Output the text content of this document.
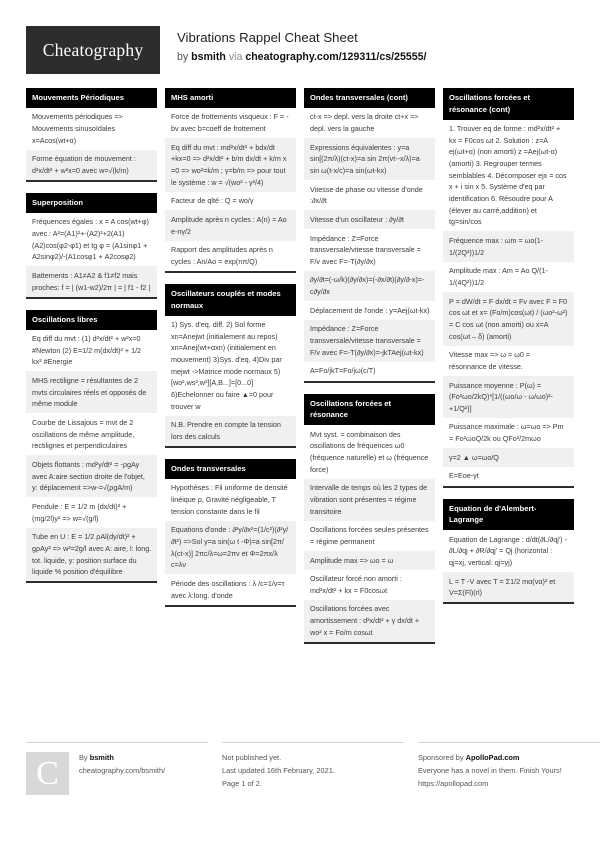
Cheatography
Vibrations Rappel Cheat Sheet
by bsmith via cheatography.com/129311/cs/25555/
Mouvements Périodiques
Mouvements périodiques => Mouvements sinusoïdales x=Acos(wt+α)
Forme équation de mouvement : d²x/dt² + w²x=0 avec w=√(k/m)
Superposition
Fréquences égales : x = A cos(wt+φ) avec : A²=(A1)²+-(A2)²+2(A1)(A2)cos(φ2-φ1) et tg φ = (A1sinφ1 + A2sinφ2)/-(A1cosφ1 + A2cosφ2)
Battements : A1≠A2 & f1≠f2 mais proches: f = | (w1-w2)/2π | = | f1 - f2 |
Oscillations libres
Eq diff du mvt : (1) d²x/dt² + w²x=0 #Newton (2) E=1/2 m(dx/dt)² + 1/2 kx² #Energie
MHS rectiligne = résultantes de 2 mvts circulaires réels et opposés de même module
Courbe de Lissajous = mvt de 2 oscillations de même amplitude, rectilignes et perpendiculaires
Objets flottants : md²y/dt² = -ρgAy avec A:aire section droite de l'objet, y: déplacement =>w-=√(ρgA/m)
Pendule : E = 1/2 m (dx/dt)² + (mg/2l)y² => w=√(g/l)
Tube en U : E = 1/2 ρAl(dy/dt)² + gρAy² => w²=2g/l avec A: aire, l: long. tot. liquide, y: position surface du liquide % position d'équilibre
MHS amorti
Force de frottements visqueux : F = -bv avec b=coeff de frottement
Eq diff du mvt : md²x/dt² + bdx/dt +kx=0 => d²x/dt² + b/m dx/dt + k/m x =0 => wo²=k/m ; γ=b/m => pour tout le système : w = √(wo² - γ²/4)
Facteur de qlté : Q = wo/γ
Amplitude après n cycles : A(n) = Ao e-nγ/2
Rapport des amplitudes après n cycles : An/Ao = exp(nπ/Q)
Oscillateurs couplés et modes normaux
1) Sys. d'eq. diff. 2) Sol forme xn=Anejwt (initialement au repos) xn=Anej(wt+αxn) (initialement en mouvement) 3)Sys. d'eq. 4)Div par mejwt ->Matrice mode normaux 5)[wo²,ws²,w²][A,B...]=[0...0] 6)Echelonner ou faire ▲=0 pour trouver w
N.B. Prendre en compte la tension lors des calculs
Ondes transversales
Hypothèses : Fil uniforme de densité linéique ρ, Gravité négligeable, T tension constante dans le fil
Equations d'onde : ∂²y/∂x²=(1/c²)(∂²y/∂t²) =>Sol y=a sin(ω t -Φ)=a sin[2π/λ(ct-x)] 2πc/λ=ω=2πν et Φ=2πx/λ c=λν
Période des oscillations : λ /c=1/ν=τ avec λ:long. d'onde
Ondes transversales (cont)
ct-x => depl. vers la droite ct+x => depl. vers la gauche
Expressions équivalentes : y=a sin[(2π/λ)(ct-x)=a sin 2π(vt--x/λ)=a sin ω(t-x/c)=a sin(ωt-kx)
Vitesse de phase ou vitesse d'onde :∂x/∂t
Vitesse d'un oscillateur : ∂y/∂t
Impédance : Z=Force transversale/vitesse transversale = F/v avec F=-T(∂y/∂x)
∂y/∂t=(-ω/k)(∂y/∂x)=(-∂x/∂t)(∂y/∂-x)=-c∂y/∂x
Déplacement de l'onde : y=Aej(ωt-kx)
Impédance : Z=Force transversale/vitesse transversale = F/v avec F=-T(∂y/∂x)=-jkTAej(ωt-kx)
A=Fo/jkT=Fo/jω(c/T)
Oscillations forcées et résonance
Mvt syst. = combinaison des oscillations de fréquences ω0 (fréquence naturelle) et ω (fréquence force)
Intervalle de temps où les 2 types de vibration sont présentes = régime transitoire
Oscillations forcées seules présentes = régime permanent
Amplitude max => ωo = ω
Oscillateur forcé non amorti : md²x/dt² + kx = F0cosωt
Oscillations forcées avec amortissement : d²x/dt² + γ dx/dt + wo² x = Fo/m cosωt
Oscillations forcées et résonance (cont)
1. Trouver eq de forme : md²x/dt² + kx = F0cos ωt 2. Solution : z=A ej(ωt+α) (non amorti) z =Aej(ωt-α) (amorti) 3. Regrouper termes semblables 4. Décomposer ejx = cos x + i sin x 5. Système d'eq par identification 6. Résoudre pour A (élever au carré,addition) et tg=sin/cos
Fréquence max : ωm = ωo(1-1/(2Q²))1/2
Amplitude max : Am = Ao Q/(1-1/(4Q²))1/2
P = dW/dt = F dx/dt = Fv avec F = F0 cos ωt et x= (Fo/m)cos(ωt) / (ωo²-ω²) = C cos ωt (non amorti) ou x=A cos(ωt – δ) (amorti)
Vitesse max => ω = ω0 = résonnance de vitesse.
Puissance moyenne : P(ω) = (Fo²ωo/2kQ)*[1/((ωo/ω - ω/ωo)²-+1/Q²)]
Puissance maximale : ω=ωo => Pm = Fo²ωoQ/2k ou QFo²/2mωo
γ=2 ▲ ω=ωo/Q
E=Eoe-γt
Equation de d'Alembert-Lagrange
Equation de Lagrange : d/dt(∂L/∂qj') - ∂L/∂qj + ∂R/∂qj' = Qj (horizontal : qj=xj, vertical: qj=yj)
L = T -V avec T = Σ1/2 mα(vα)² et V=Σ(Fl)(rl)
C	By bsmith
cheatography.com/bsmith/
Not published yet.
Last updated 16th February, 2021.
Page 1 of 2.
Sponsored by ApolloPad.com
Everyone has a novel in them. Finish Yours!
https://apollopad.com
